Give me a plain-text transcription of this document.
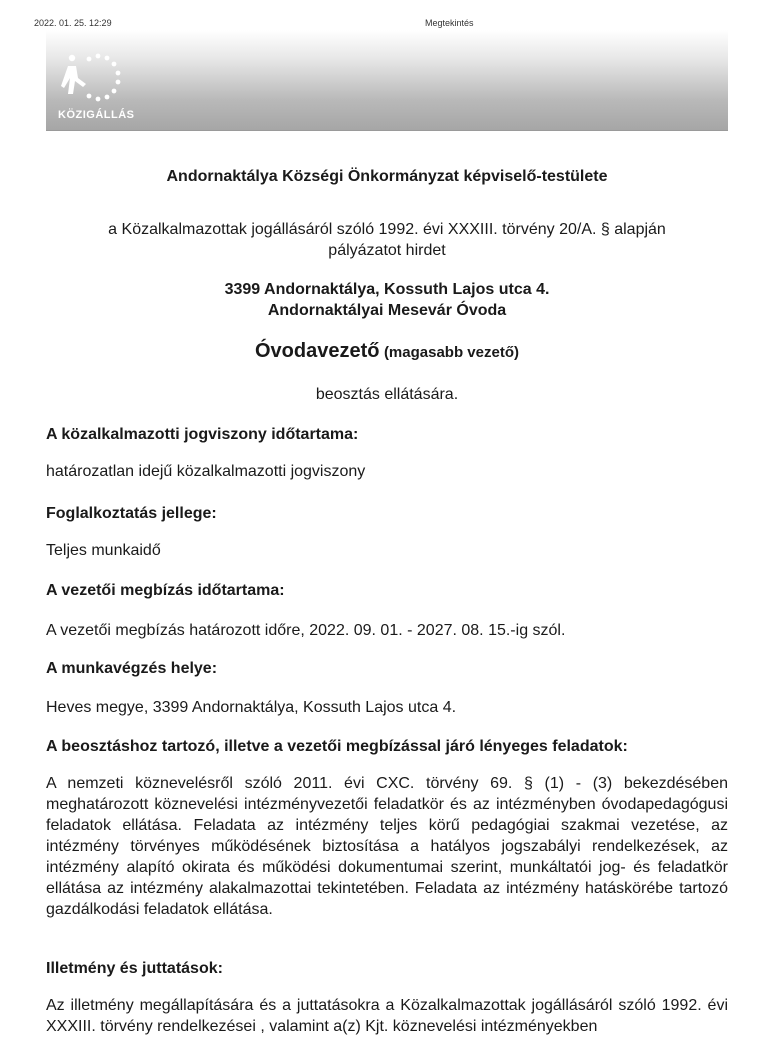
2022. 01. 25. 12:29	Megtekintés
KÖZIGÁLLÁS
Andornaktálya Községi Önkormányzat képviselő-testülete
a Közalkalmazottak jogállásáról szóló 1992. évi XXXIII. törvény 20/A. § alapján
pályázatot hirdet
3399 Andornaktálya, Kossuth Lajos utca 4.
Andornaktályai Mesevár Óvoda
Óvodavezető (magasabb vezető)
beosztás ellátására.
A közalkalmazotti jogviszony időtartama:
határozatlan idejű közalkalmazotti jogviszony
Foglalkoztatás jellege:
Teljes munkaidő
A vezetői megbízás időtartama:
A vezetői megbízás határozott időre, 2022. 09. 01. - 2027. 08. 15.-ig szól.
A munkavégzés helye:
Heves megye, 3399 Andornaktálya, Kossuth Lajos utca 4.
A beosztáshoz tartozó, illetve a vezetői megbízással járó lényeges feladatok:
A nemzeti köznevelésről szóló 2011. évi CXC. törvény 69. § (1) - (3) bekezdésében meghatározott köznevelési intézményvezetői feladatkör és az intézményben óvodapedagógusi feladatok ellátása. Feladata az intézmény teljes körű pedagógiai szakmai vezetése, az intézmény törvényes működésének biztosítása a hatályos jogszabályi rendelkezések, az intézmény alapító okirata és működési dokumentumai szerint, munkáltatói jog- és feladatkör ellátása az intézmény alakalmazottai tekintetében. Feladata az intézmény hatáskörébe tartozó gazdálkodási feladatok ellátása.
Illetmény és juttatások:
Az illetmény megállapítására és a juttatásokra a Közalkalmazottak jogállásáról szóló 1992. évi XXXIII. törvény rendelkezései , valamint a(z) Kjt. köznevelési intézményekben
